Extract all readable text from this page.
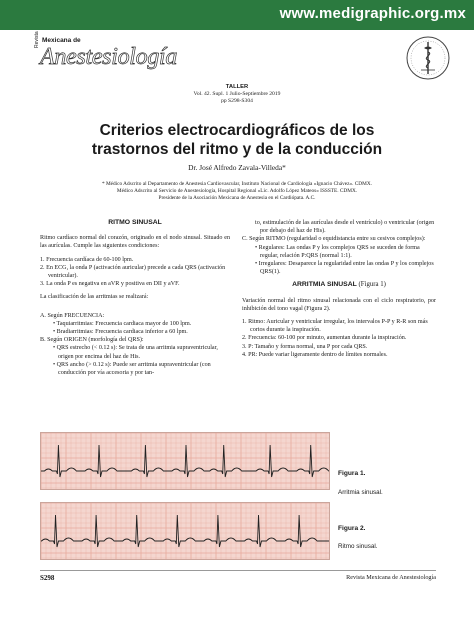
www.medigraphic.org.mx
Revista Mexicana de
Anestesiología
TALLER
Vol. 42. Supl. 1 Julio-Septiembre 2019
pp S298-S304
Criterios electrocardiográficos de los
trastornos del ritmo y de la conducción
Dr. José Alfredo Zavala-Villeda*
* Médico Adscrito al Departamento de Anestesia Cardiovascular, Instituto Nacional de Cardiología «Ignacio Chávez». CDMX.
Médico Adscrito al Servicio de Anestesiología, Hospital Regional «Lic. Adolfo López Mateos» ISSSTE. CDMX.
Presidente de la Asociación Mexicana de Anestesia en el Cardiópata. A.C.
RITMO SINUSAL
Ritmo cardíaco normal del corazón, originado en el nodo sinusal. Situado en las aurículas. Cumple las siguientes condiciones:
1. Frecuencia cardíaca de 60-100 lpm.
2. En ECG, la onda P (activación auricular) precede a cada QRS (activación ventricular).
3. La onda P es negativa en aVR y positiva en DII y aVF.
La clasificación de las arritmias se realizará:
A. Según FRECUENCIA:
• Taquiarritmias: Frecuencia cardiaca mayor de 100 lpm.
• Bradiarritmias: Frecuencia cardiaca inferior a 60 lpm.
B. Según ORIGEN (morfología del QRS):
• QRS estrecho (< 0.12 s): Se trata de una arritmia supraventricular, origen por encima del haz de His.
• QRS ancho (> 0.12 s): Puede ser arritmia supraventricular (con conducción por vía accesoria y por tan-
to, estimulación de las aurículas desde el ventrículo) o ventricular (origen por debajo del haz de His).
C. Según RITMO (regularidad o equidistancia entre su cesivos complejos):
• Regulares: Las ondas P y los complejos QRS se suceden de forma regular, relación P:QRS (normal 1:1).
• Irregulares: Desaparece la regularidad entre las ondas P y los complejos QRS(1).
ARRITMIA SINUSAL (Figura 1)
Variación normal del ritmo sinusal relacionada con el ciclo respiratorio, por inhibición del tono vagal (Figura 2).
1. Ritmo: Auricular y ventricular irregular, los intervalos P-P y R-R son más cortos durante la inspiración.
2. Frecuencia: 60-100 por minuto, aumentan durante la inspiración.
3. P: Tamaño y forma normal, una P por cada QRS.
4. PR: Puede variar ligeramente dentro de límites normales.
Figura 1.
Arritmia sinusal.
Figura 2.
Ritmo sinusal.
S298	Revista Mexicana de Anestesiología
